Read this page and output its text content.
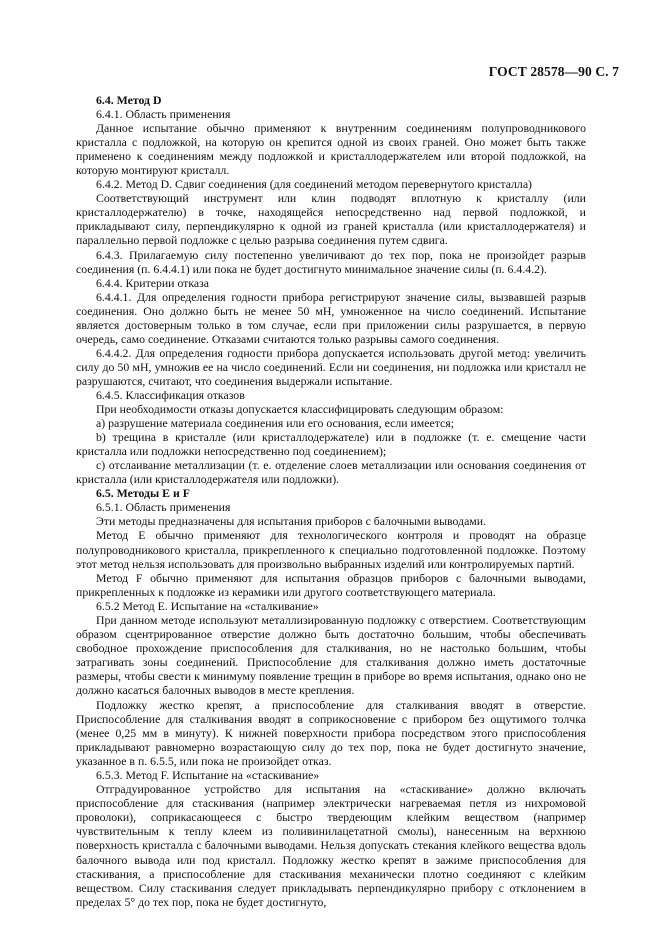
ГОСТ 28578—90 С. 7

6.4. Метод D

6.4.1. Область применения

Данное испытание обычно применяют к внутренним соединениям полупроводникового кристалла с подложкой, на которую он крепится одной из своих граней. Оно может быть также применено к соединениям между подложкой и кристаллодержателем или второй подложкой, на которую монтируют кристалл.

6.4.2. Метод D. Сдвиг соединения (для соединений методом перевернутого кристалла)

Соответствующий инструмент или клин подводят вплотную к кристаллу (или кристаллодержателю) в точке, находящейся непосредственно над первой подложкой, и прикладывают силу, перпендикулярно к одной из граней кристалла (или кристаллодержателя) и параллельно первой подложке с целью разрыва соединения путем сдвига.

6.4.3. Прилагаемую силу постепенно увеличивают до тех пор, пока не произойдет разрыв соединения (п. 6.4.4.1) или пока не будет достигнуто минимальное значение силы (п. 6.4.4.2).

6.4.4. Критерии отказа

6.4.4.1. Для определения годности прибора регистрируют значение силы, вызвавшей разрыв соединения. Оно должно быть не менее 50 мН, умноженное на число соединений. Испытание является достоверным только в том случае, если при приложении силы разрушается, в первую очередь, само соединение. Отказами считаются только разрывы самого соединения.

6.4.4.2. Для определения годности прибора допускается использовать другой метод: увеличить силу до 50 мН, умножив ее на число соединений. Если ни соединения, ни подложка или кристалл не разрушаются, считают, что соединения выдержали испытание.

6.4.5. Классификация отказов

При необходимости отказы допускается классифицировать следующим образом:

a) разрушение материала соединения или его основания, если имеется;

b) трещина в кристалле (или кристаллодержателе) или в подложке (т. е. смещение части кристалла или подложки непосредственно под соединением);

c) отслаивание металлизации (т. е. отделение слоев металлизации или основания соединения от кристалла (или кристаллодержателя или подложки).

6.5. Методы Е и F

6.5.1. Область применения

Эти методы предназначены для испытания приборов с балочными выводами.

Метод Е обычно применяют для технологического контроля и проводят на образце полупроводникового кристалла, прикрепленного к специально подготовленной подложке. Поэтому этот метод нельзя использовать для произвольно выбранных изделий или контролируемых партий.

Метод F обычно применяют для испытания образцов приборов с балочными выводами, прикрепленных к подложке из керамики или другого соответствующего материала.

6.5.2 Метод Е. Испытание на «сталкивание»

При данном методе используют металлизированную подложку с отверстием. Соответствующим образом сцентрированное отверстие должно быть достаточно большим, чтобы обеспечивать свободное прохождение приспособления для сталкивания, но не настолько большим, чтобы затрагивать зоны соединений. Приспособление для сталкивания должно иметь достаточные размеры, чтобы свести к минимуму появление трещин в приборе во время испытания, однако оно не должно касаться балочных выводов в месте крепления.

Подложку жестко крепят, а приспособление для сталкивания вводят в отверстие. Приспособление для сталкивания вводят в соприкосновение с прибором без ощутимого толчка (менее 0,25 мм в минуту). К нижней поверхности прибора посредством этого приспособления прикладывают равномерно возрастающую силу до тех пор, пока не будет достигнуто значение, указанное в п. 6.5.5, или пока не произойдет отказ.

6.5.3. Метод F. Испытание на «стаскивание»

Отградуированное устройство для испытания на «стаскивание» должно включать приспособление для стаскивания (например электрически нагреваемая петля из нихромовой проволоки), соприкасающееся с быстро твердеющим клейким веществом (например чувствительным к теплу клеем из поливинилацетатной смолы), нанесенным на верхнюю поверхность кристалла с балочными выводами. Нельзя допускать стекания клейкого вещества вдоль балочного вывода или под кристалл. Подложку жестко крепят в зажиме приспособления для стаскивания, а приспособление для стаскивания механически плотно соединяют с клейким веществом. Силу стаскивания следует прикладывать перпендикулярно прибору с отклонением в пределах 5° до тех пор, пока не будет достигнуто,
